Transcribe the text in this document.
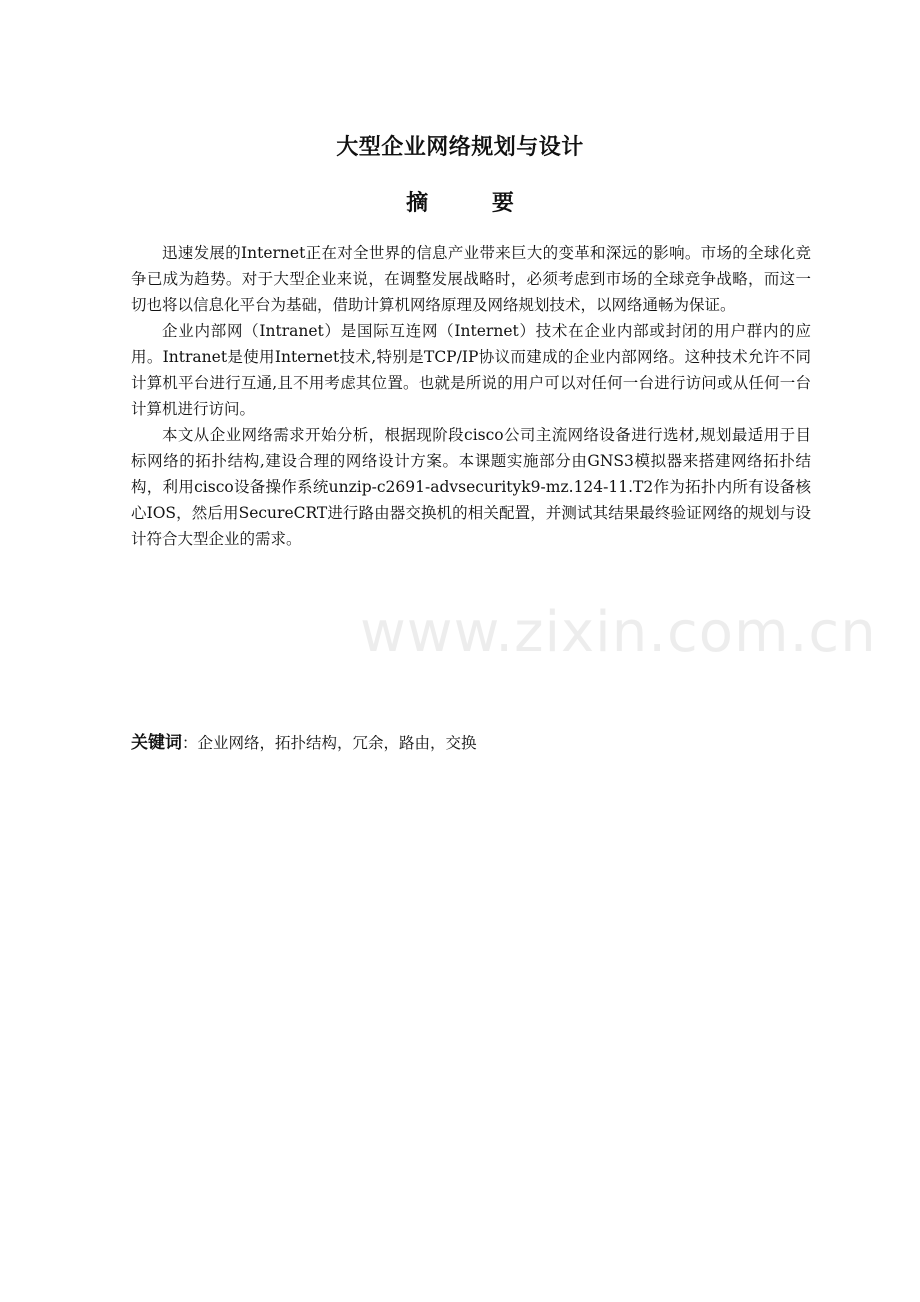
大型企业网络规划与设计
摘 要

迅速发展的Internet正在对全世界的信息产业带来巨大的变革和深远的影响。市场的全球化竞争已成为趋势。对于大型企业来说，在调整发展战略时，必须考虑到市场的全球竞争战略，而这一切也将以信息化平台为基础，借助计算机网络原理及网络规划技术，以网络通畅为保证。

企业内部网（Intranet）是国际互连网（Internet）技术在企业内部或封闭的用户群内的应用。Intranet是使用Internet技术,特别是TCP/IP协议而建成的企业内部网络。这种技术允许不同计算机平台进行互通,且不用考虑其位置。也就是所说的用户可以对任何一台进行访问或从任何一台计算机进行访问。

本文从企业网络需求开始分析，根据现阶段cisco公司主流网络设备进行选材,规划最适用于目标网络的拓扑结构,建设合理的网络设计方案。本课题实施部分由GNS3模拟器来搭建网络拓扑结构，利用cisco设备操作系统unzip-c2691-advsecurityk9-mz.124-11.T2作为拓扑内所有设备核心IOS，然后用SecureCRT进行路由器交换机的相关配置，并测试其结果最终验证网络的规划与设计符合大型企业的需求。

关键词：企业网络，拓扑结构，冗余，路由，交换
www.zixin.com.cn
